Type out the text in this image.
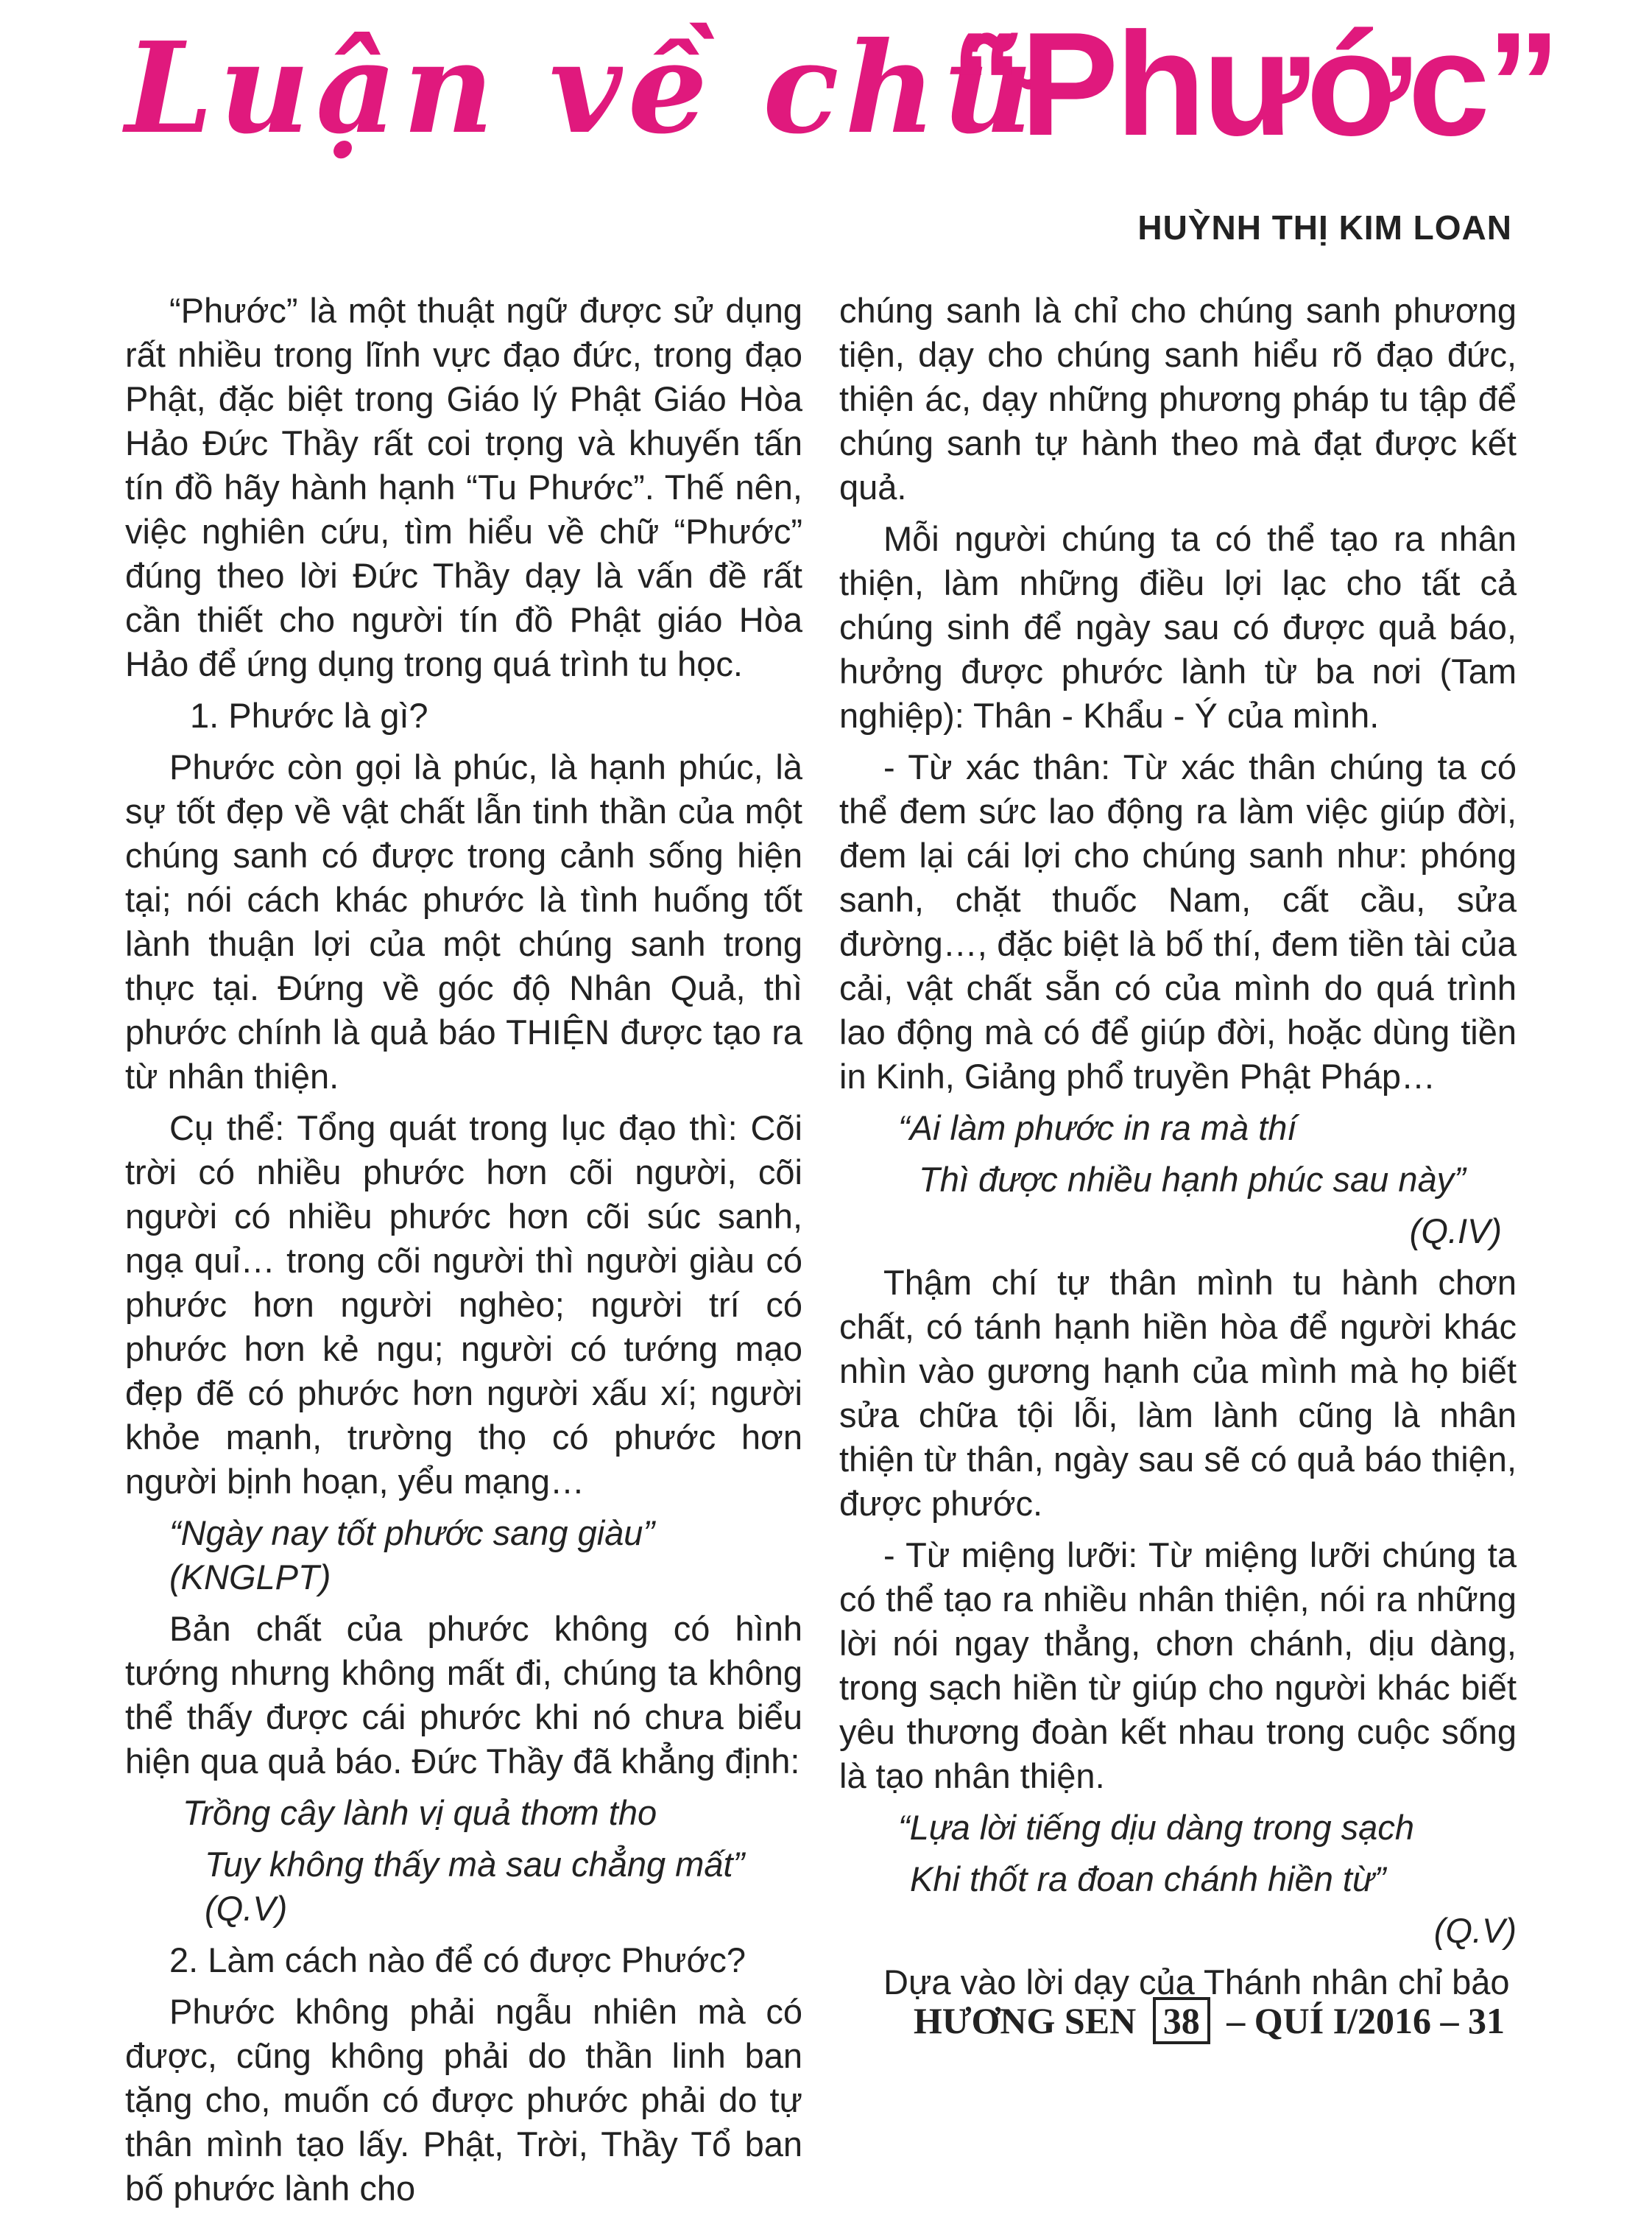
Luận về chữ
“Phước”
HUỲNH THỊ KIM LOAN

“Phước” là một thuật ngữ được sử dụng rất nhiều trong lĩnh vực đạo đức, trong đạo Phật, đặc biệt trong Giáo lý Phật Giáo Hòa Hảo Đức Thầy rất coi trọng và khuyến tấn tín đồ hãy hành hạnh “Tu Phước”. Thế nên, việc nghiên cứu, tìm hiểu về chữ “Phước” đúng theo lời Đức Thầy dạy là vấn đề rất cần thiết cho người tín đồ Phật giáo Hòa Hảo để ứng dụng trong quá trình tu học.

1. Phước là gì?

Phước còn gọi là phúc, là hạnh phúc, là sự tốt đẹp về vật chất lẫn tinh thần của một chúng sanh có được trong cảnh sống hiện tại; nói cách khác phước là tình huống tốt lành thuận lợi của một chúng sanh trong thực tại. Đứng về góc độ Nhân Quả, thì phước chính là quả báo THIỆN được tạo ra từ nhân thiện.

Cụ thể: Tổng quát trong lục đạo thì: Cõi trời có nhiều phước hơn cõi người, cõi người có nhiều phước hơn cõi súc sanh, ngạ quỉ… trong cõi người thì người giàu có phước hơn người nghèo; người trí có phước hơn kẻ ngu; người có tướng mạo đẹp đẽ có phước hơn người xấu xí; người khỏe mạnh, trường thọ có phước hơn người bịnh hoạn, yểu mạng…

“Ngày nay tốt phước sang giàu” (KNGLPT)

Bản chất của phước không có hình tướng nhưng không mất đi, chúng ta không thể thấy được cái phước khi nó chưa biểu hiện qua quả báo. Đức Thầy đã khẳng định:

Trồng cây lành vị quả thơm tho

Tuy không thấy mà sau chẳng mất” (Q.V)

2. Làm cách nào để có được Phước?

Phước không phải ngẫu nhiên mà có được, cũng không phải do thần linh ban tặng cho, muốn có được phước phải do tự thân mình tạo lấy. Phật, Trời, Thầy Tổ ban bố phước lành cho

chúng sanh là chỉ cho chúng sanh phương tiện, dạy cho chúng sanh hiểu rõ đạo đức, thiện ác, dạy những phương pháp tu tập để chúng sanh tự hành theo mà đạt được kết quả.

Mỗi người chúng ta có thể tạo ra nhân thiện, làm những điều lợi lạc cho tất cả chúng sinh để ngày sau có được quả báo, hưởng được phước lành từ ba nơi (Tam nghiệp): Thân - Khẩu - Ý của mình.

- Từ xác thân: Từ xác thân chúng ta có thể đem sức lao động ra làm việc giúp đời, đem lại cái lợi cho chúng sanh như: phóng sanh, chặt thuốc Nam, cất cầu, sửa đường…, đặc biệt là bố thí, đem tiền tài của cải, vật chất sẵn có của mình do quá trình lao động mà có để giúp đời, hoặc dùng tiền in Kinh, Giảng phổ truyền Phật Pháp…

“Ai làm phước in ra mà thí

Thì được nhiều hạnh phúc sau này”

(Q.IV)

Thậm chí tự thân mình tu hành chơn chất, có tánh hạnh hiền hòa để người khác nhìn vào gương hạnh của mình mà họ biết sửa chữa tội lỗi, làm lành cũng là nhân thiện từ thân, ngày sau sẽ có quả báo thiện, được phước.

- Từ miệng lưỡi: Từ miệng lưỡi chúng ta có thể tạo ra nhiều nhân thiện, nói ra những lời nói ngay thẳng, chơn chánh, dịu dàng, trong sạch hiền từ giúp cho người khác biết yêu thương đoàn kết nhau trong cuộc sống là tạo nhân thiện.

“Lựa lời tiếng dịu dàng trong sạch

Khi thốt ra đoan chánh hiền từ”

(Q.V)

Dựa vào lời dạy của Thánh nhân chỉ bảo

HƯƠNG SEN 38 – QUÍ I/2016 – 31
